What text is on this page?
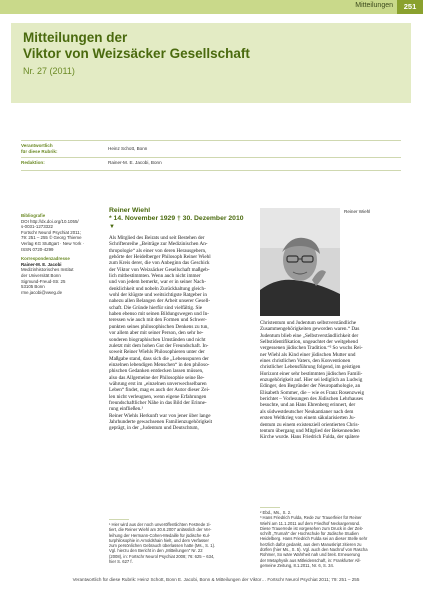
Mitteilungen	251
Mitteilungen der
Viktor von Weizsäcker Gesellschaft
Nr. 27 (2011)
Verantwortlich
für diese Rubrik:
Heinz Schott, Bonn
Redaktion:	Rainer-M. E. Jacobi, Bonn
Bibliografie
DOI http://dx.doi.org/10.1055/
s-0031-1273322
Fortschr Neurol Psychiat 2011;
79: 251 – 255 © Georg Thieme
Verlag KG Stuttgart · New York ·
ISSN 0720-4299
Korrespondenzadresse
Rainer-M. E. Jacobi
Medizinhistorisches Institut
der Universität Bonn
Sigmund-Freud-Str. 25
53105 Bonn
rme.jacobi@vweg.de
Reiner Wiehl
* 14. November 1929 † 30. Dezember 2010
▼
Reiner Wiehl
Als Mitglied des Beirats und seit Bestehen der
Schriftenreihe „Beiträge zur Medizinischen An-
thropologie“ als einer von deren Herausgebern,
gehörte der Heidelberger Philosoph Reiner Wiehl
zum Kreis derer, die von Anbeginn das Geschick
der Viktor von Weizsäcker Gesellschaft maßgeb-
lich mitbestimmten. Wenn auch nicht immer
und von jedem bemerkt, war er in seiner Nach-
denklichkeit und nobeln Zurückhaltung gleich-
wohl der klügste und weitsichtigste Ratgeber in
nahezu allen Belangen der Arbeit unserer Gesell-
schaft. Die Gründe hierfür sind vielfältig. Sie
haben ebenso mit seinen Bildungswegen und In-
teressen wie auch mit den Formen und Schwer-
punkten seines philosophischen Denkens zu tun,
vor allem aber mit seiner Person, den sehr be-
sonderen biographischen Umständen und nicht
zuletzt mit dem hohen Gut der Freundschaft. In-
soweit Reiner Wiehls Philosophieren unter der
Maßgabe stand, dass sich die „Lebensspuren der
einzelnen lebendigen Menschen“ in den philoso-
phischen Gedanken entdecken lassen müssen,
also das Allgemeine der Philosophie seine Be-
währung erst im „einzelnen unverwechselbaren
Leben“ findet, mag es auch der Autor dieser Zei-
len nicht verleugnen, wenn eigene Erfahrungen
freundschaftlicher Nähe in das Bild der Erinne-
rung einfließen.¹
Reiner Wiehls Herkunft war von jener über lange
Jahrhunderte gewachsenen Familienzugehörigkeit
geprägt, in der „Judentum und Deutschtum,
Christentum und Judentum selbstverständliche
Zusammengehörigkeiten geworden waren.“ Das
Judentum blieb eine „Selbstverständlichkeit der
Selbstidentifikation, ungeachtet der weitgehend
vergessenen jüdischen Tradition.“² So wuchs Rei-
ner Wiehl als Kind einer jüdischen Mutter und
eines christlichen Vaters, den Konventionen
christlicher Lebensführung folgend, im geistigen
Horizont einer sehr bestimmten jüdischen Famili-
enzugehörigkeit auf. Hier sei lediglich an Ludwig
Edinger, den Begründer der Neuropathologie, an
Elisabeth Sommer, die – wie es Franz Rosenzweig
berichtet – Vorlesungen des Jüdischen Lehrhauses
besuchte, und an Hans Ehrenberg erinnert, der
als südwestdeutscher Neukantianer nach dem
ersten Weltkrieg von einem säkularisierten Ju-
dentum zu einem existenziell orientierten Chris-
tentum übergang und Mitglied der Bekennenden
Kirche wurde. Hans Friedrich Fulda, der spätere
¹ Hier wird aus der noch unveröffentlichten Festrede zi-
tiert, die Reiner Wiehl am 30.6.2007 anlässlich der Ver-
leihung der Hermann-Cohen-Medaille für jüdische Kul-
turphilosophie in Arnoldshain hielt, und dem Verfasser
zum persönlichen Gebrauch überlassen hatte (Ms., S. 1).
Vgl. hierzu den Bericht in den „Mitteilungen“ Nr. 22
(2008), in: Fortschr Neurol Psychiat 2008; 76: 625 – 634,
hier S. 627 f.
² Ebd., Ms., S. 2.
³ Hans Friedrich Fulda, Rede zur Trauerfeier für Reiner
Wiehl am 11.1.2011 auf dem Friedhof Neckargemünd.
Diese Trauerrede ist vorgesehen zum Druck in der Zeit-
schrift „Trumah“ der Hochschule für Jüdische Studien
Heidelberg. Hans Friedrich Fulda sei an dieser Stelle sehr
herzlich dafür gedankt, aus dem Manuskript zitieren zu
dürfen (hier Ms., S. 5). Vgl. auch den Nachruf von Rascha
Rohmer, So wäre Wahrheit nah und breit. Erneuerung
der Metaphysik aus Mitleidenschaft, in: Frankfurter All-
gemeine Zeitung, 8.1.2011, Nr. 6, S. 34.
Verantwortlich für diese Rubrik: Heinz Schott, Bonn E. Jacobi, Bonn & Mitteilungen der Viktor… Fortschr Neurol Psychiat 2011; 79: 251 – 255
